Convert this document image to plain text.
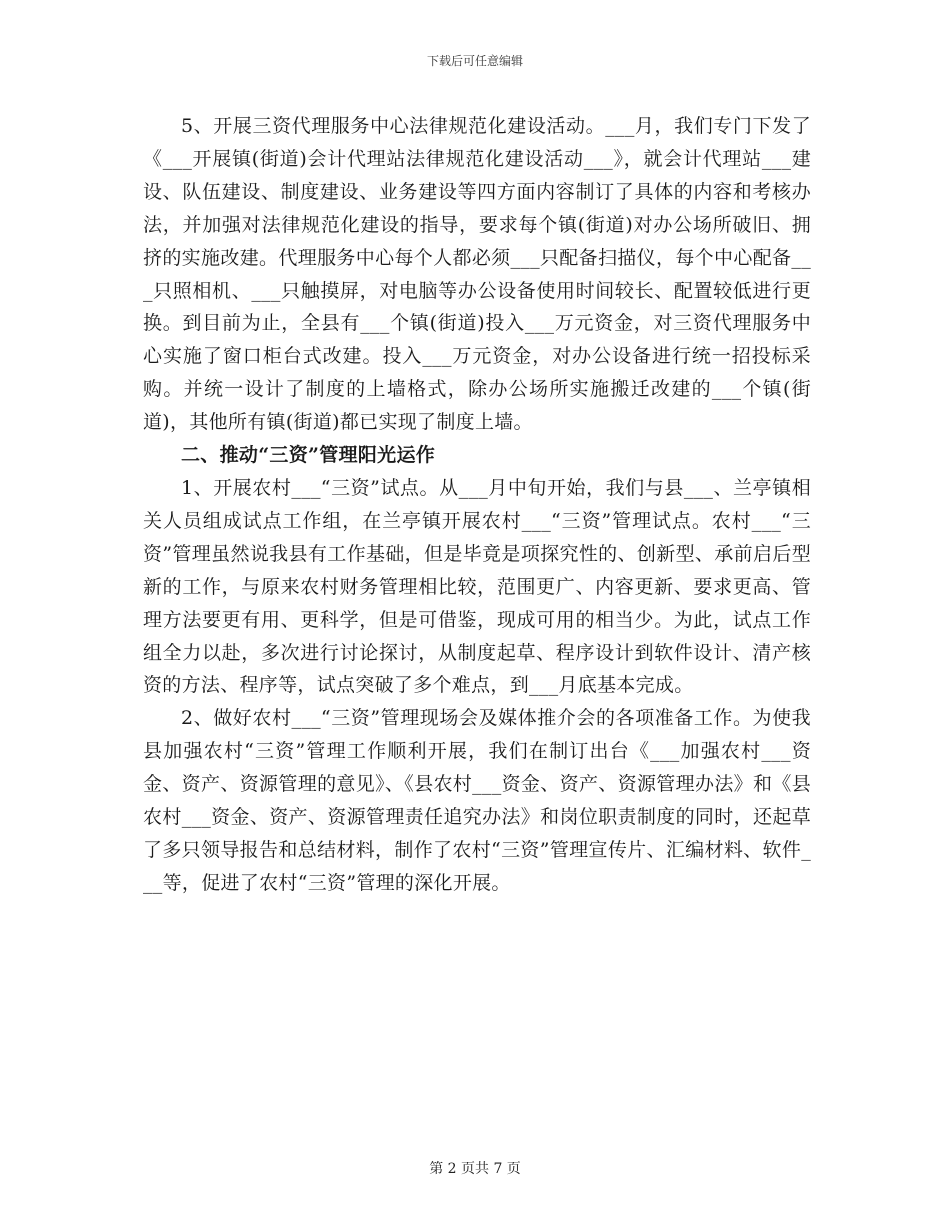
下载后可任意编辑

5、开展三资代理服务中心法律规范化建设活动。___月，我们专门下发了《___开展镇(街道)会计代理站法律规范化建设活动___》，就会计代理站___建设、队伍建设、制度建设、业务建设等四方面内容制订了具体的内容和考核办法，并加强对法律规范化建设的指导，要求每个镇(街道)对办公场所破旧、拥挤的实施改建。代理服务中心每个人都必须___只配备扫描仪，每个中心配备___只照相机、___只触摸屏，对电脑等办公设备使用时间较长、配置较低进行更换。到目前为止，全县有___个镇(街道)投入___万元资金，对三资代理服务中心实施了窗口柜台式改建。投入___万元资金，对办公设备进行统一招投标采购。并统一设计了制度的上墙格式，除办公场所实施搬迁改建的___个镇(街道)，其他所有镇(街道)都已实现了制度上墙。

二、推动“三资”管理阳光运作

1、开展农村___“三资”试点。从___月中旬开始，我们与县___、兰亭镇相关人员组成试点工作组，在兰亭镇开展农村___“三资”管理试点。农村___“三资”管理虽然说我县有工作基础，但是毕竟是项探究性的、创新型、承前启后型新的工作，与原来农村财务管理相比较，范围更广、内容更新、要求更高、管理方法要更有用、更科学，但是可借鉴，现成可用的相当少。为此，试点工作组全力以赴，多次进行讨论探讨，从制度起草、程序设计到软件设计、清产核资的方法、程序等，试点突破了多个难点，到___月底基本完成。

2、做好农村___“三资”管理现场会及媒体推介会的各项准备工作。为使我县加强农村“三资”管理工作顺利开展，我们在制订出台《___加强农村___资金、资产、资源管理的意见》、《县农村___资金、资产、资源管理办法》和《县农村___资金、资产、资源管理责任追究办法》和岗位职责制度的同时，还起草了多只领导报告和总结材料，制作了农村“三资”管理宣传片、汇编材料、软件___等，促进了农村“三资”管理的深化开展。

第 2 页共 7 页
